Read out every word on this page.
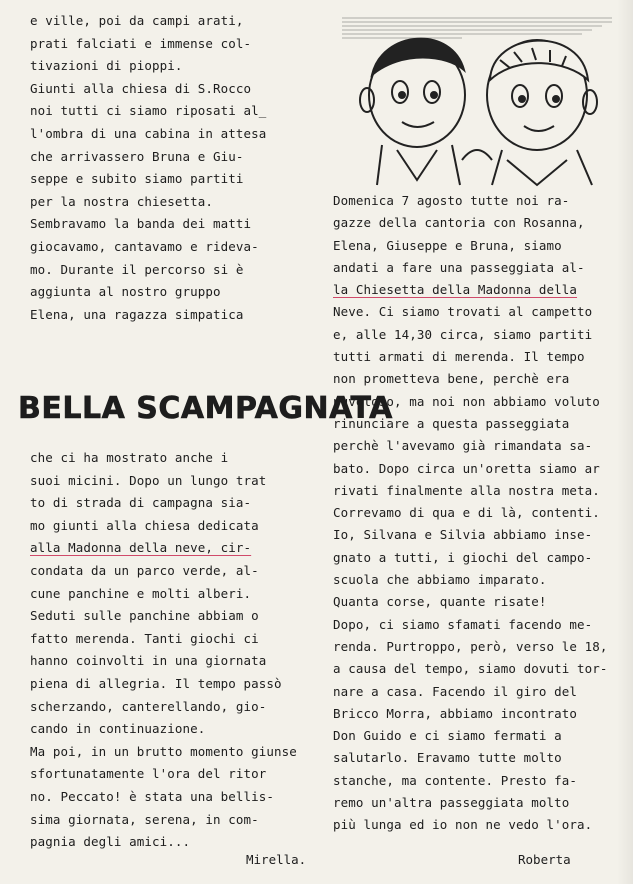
e ville, poi da campi arati,
prati falciati e immense col-
tivazioni di pioppi.
Giunti alla chiesa di S.Rocco
noi tutti ci siamo riposati al_
l'ombra di una cabina in attesa
che arrivassero Bruna e Giu-
seppe e subito siamo partiti
per la nostra chiesetta.
Sembravamo la banda dei matti
giocavamo, cantavamo e rideva-
mo. Durante il percorso si è
aggiunta al nostro gruppo
Elena, una ragazza simpatica
che ci ha mostrato anche i
suoi micini. Dopo un lungo trat
to di strada di campagna sia-
mo giunti alla chiesa dedicata
alla Madonna della neve, cir-
condata da un parco verde, al-
cune panchine e molti alberi.
Seduti sulle panchine abbiam o
fatto merenda. Tanti giochi ci
hanno coinvolti in una giornata
piena di allegria. Il tempo passò
scherzando, canterellando, gio-
cando in continuazione.
Ma poi, in un brutto momento giunse
sfortunatamente l'ora del ritor
no. Peccato! è stata una bellis-
sima giornata, serena, in com-
pagnia degli amici...
BELLA SCAMPAGNATA
Domenica 7 agosto tutte noi ra-
gazze della cantoria con Rosanna,
Elena, Giuseppe e Bruna, siamo
andati a fare una passeggiata al-
la Chiesetta della Madonna della
Neve. Ci siamo trovati al campetto
e, alle 14,30 circa, siamo partiti
tutti armati di merenda. Il tempo
non prometteva bene, perchè era
nuvoloso, ma noi non abbiamo voluto
rinunciare a questa passeggiata
perchè l'avevamo già rimandata sa-
bato. Dopo circa un'oretta siamo ar
rivati finalmente alla nostra meta.
Correvamo di qua e di là, contenti.
Io, Silvana e Silvia abbiamo inse-
gnato a tutti, i giochi del campo-
scuola che abbiamo imparato.
Quanta corse, quante risate!
Dopo, ci siamo sfamati facendo me-
renda. Purtroppo, però, verso le 18,
a causa del tempo, siamo dovuti tor-
nare a casa. Facendo il giro del
Bricco Morra, abbiamo incontrato
Don Guido e ci siamo fermati a
salutarlo. Eravamo tutte molto
stanche, ma contente. Presto fa-
remo un'altra passeggiata molto
più lunga ed io non ne vedo l'ora.
Mirella.	Roberta
